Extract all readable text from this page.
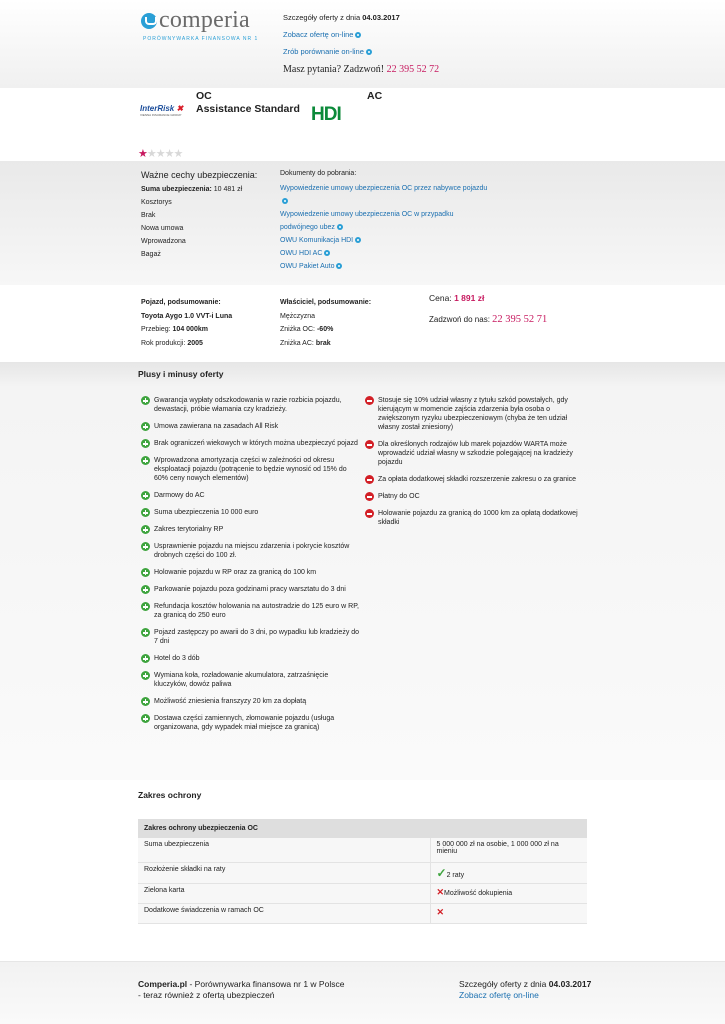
comperia
PORÓWNYWARKA FINANSOWA NR 1
Szczegóły oferty z dnia 04.03.2017
Zobacz ofertę on-line
Zrób porównanie on-line
Masz pytania? Zadzwoń! 22 395 52 72
InterRisk ✖
VIENNA INSURANCE GROUP
OC
Assistance Standard HDI
AC
★★★★★
Ważne cechy ubezpieczenia:
Suma ubezpieczenia: 10 481 zł
Kosztorys
Brak
Nowa umowa
Wprowadzona
Bagaż
Dokumenty do pobrania:
Wypowiedzenie umowy ubezpieczenia OC przez nabywce pojazdu
Wypowiedzenie umowy ubezpieczenia OC w przypadku
podwójnego ubez
OWU Komunikacja HDI
OWU HDI AC
OWU Pakiet Auto
Pojazd, podsumowanie:
Toyota Aygo 1.0 VVT-i Luna
Przebieg: 104 000km
Rok produkcji: 2005
Właściciel, podsumowanie:
Mężczyzna
Zniżka OC: -60%
Zniżka AC: brak
Cena: 1 891 zł
Zadzwoń do nas: 22 395 52 71
Plusy i minusy oferty
Gwarancja wypłaty odszkodowania w razie rozbicia pojazdu, dewastacji, próbie włamania czy kradzieży.
Umowa zawierana na zasadach All Risk
Brak ograniczeń wiekowych w których można ubezpieczyć pojazd
Wprowadzona amortyzacja części w zależności od okresu eksploatacji pojazdu (potrącenie to będzie wynosić od 15% do 60% ceny nowych elementów)
Darmowy do AC
Suma ubezpieczenia 10 000 euro
Zakres terytorialny RP
Usprawnienie pojazdu na miejscu zdarzenia i pokrycie kosztów drobnych części do 100 zł.
Holowanie pojazdu w RP oraz za granicą do 100 km
Parkowanie pojazdu poza godzinami pracy warsztatu do 3 dni
Refundacja kosztów holowania na autostradzie do 125 euro w RP, za granicą do 250 euro
Pojazd zastępczy po awarii do 3 dni, po wypadku lub kradzieży do 7 dni
Hotel do 3 dób
Wymiana koła, rozładowanie akumulatora, zatrzaśnięcie kluczyków, dowóz paliwa
Możliwość zniesienia franszyzy 20 km za dopłatą
Dostawa części zamiennych, złomowanie pojazdu (usługa organizowana, gdy wypadek miał miejsce za granicą)
Stosuje się 10% udział własny z tytułu szkód powstałych, gdy kierującym w momencie zajścia zdarzenia była osoba o zwiększonym ryzyku ubezpieczeniowym (chyba że ten udział własny został zniesiony)
Dla określonych rodzajów lub marek pojazdów WARTA może wprowadzić udział własny w szkodzie polegającej na kradzieży pojazdu
Za opłata dodatkowej składki rozszerzenie zakresu o za granice
Płatny do OC
Holowanie pojazdu za granicą do 1000 km za opłatą dodatkowej składki
Zakres ochrony
Zakres ochrony ubezpieczenia OC	
Suma ubezpieczenia	5 000 000 zł na osobie, 1 000 000 zł na mieniu
Rozłożenie składki na raty	✓2 raty
Zielona karta	✕Możliwość dokupienia
Dodatkowe świadczenia w ramach OC	✕
Comperia.pl - Porównywarka finansowa nr 1 w Polsce
- teraz również z ofertą ubezpieczeń
Szczegóły oferty z dnia 04.03.2017
Zobacz ofertę on-line
